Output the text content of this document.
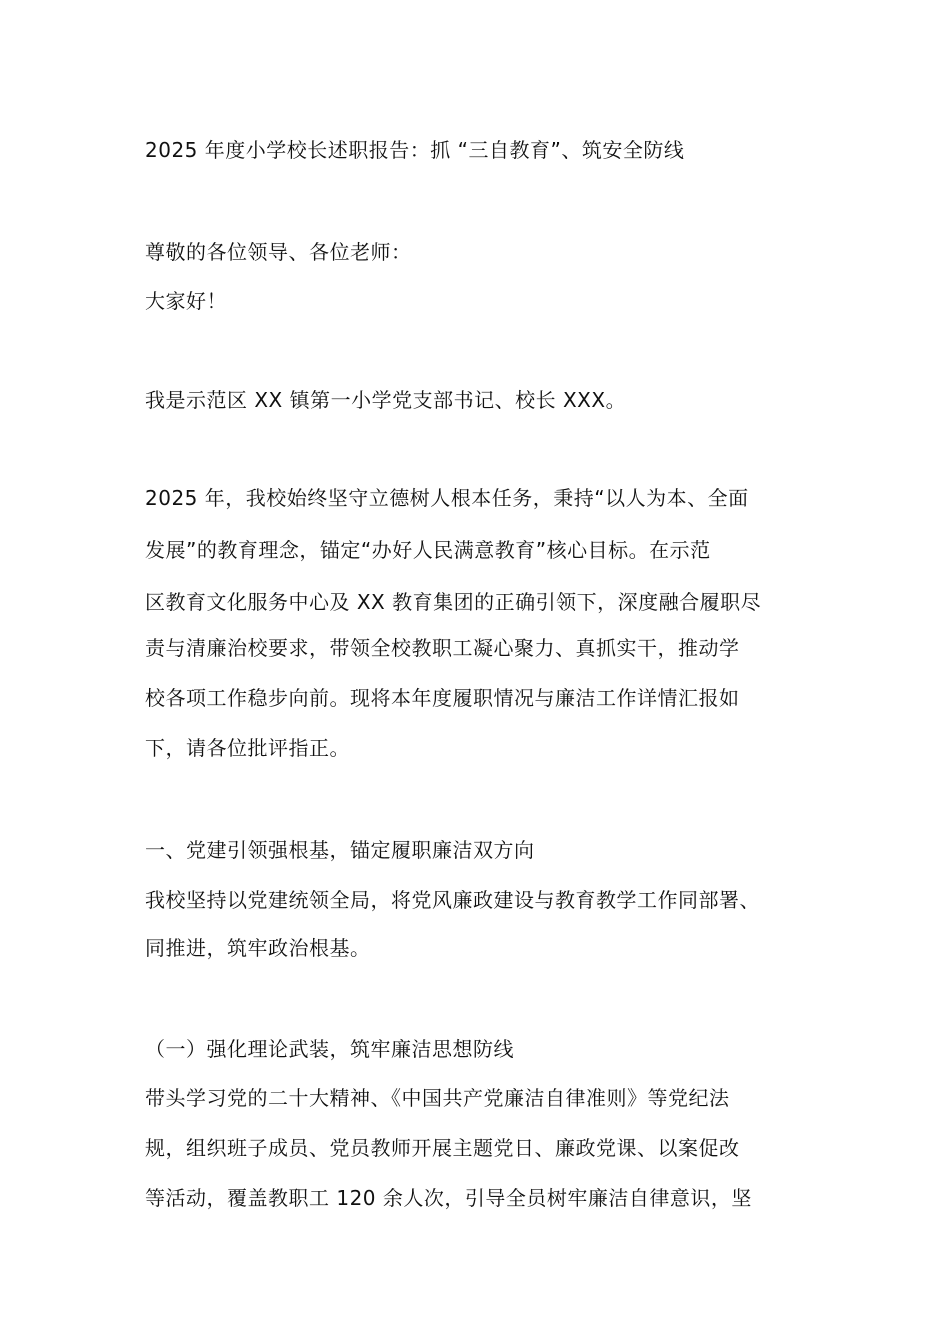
2025 年度小学校长述职报告：抓 “三自教育”、筑安全防线
尊敬的各位领导、各位老师：
大家好！
我是示范区 XX 镇第一小学党支部书记、校长 XXX。
2025 年，我校始终坚守立德树人根本任务，秉持“以人为本、全面
发展”的教育理念，锚定“办好人民满意教育”核心目标。在示范
区教育文化服务中心及 XX 教育集团的正确引领下，深度融合履职尽
责与清廉治校要求，带领全校教职工凝心聚力、真抓实干，推动学
校各项工作稳步向前。现将本年度履职情况与廉洁工作详情汇报如
下，请各位批评指正。
一、党建引领强根基，锚定履职廉洁双方向
我校坚持以党建统领全局，将党风廉政建设与教育教学工作同部署、
同推进，筑牢政治根基。
（一）强化理论武装，筑牢廉洁思想防线
带头学习党的二十大精神、《中国共产党廉洁自律准则》等党纪法
规，组织班子成员、党员教师开展主题党日、廉政党课、以案促改
等活动，覆盖教职工 120 余人次，引导全员树牢廉洁自律意识，坚
